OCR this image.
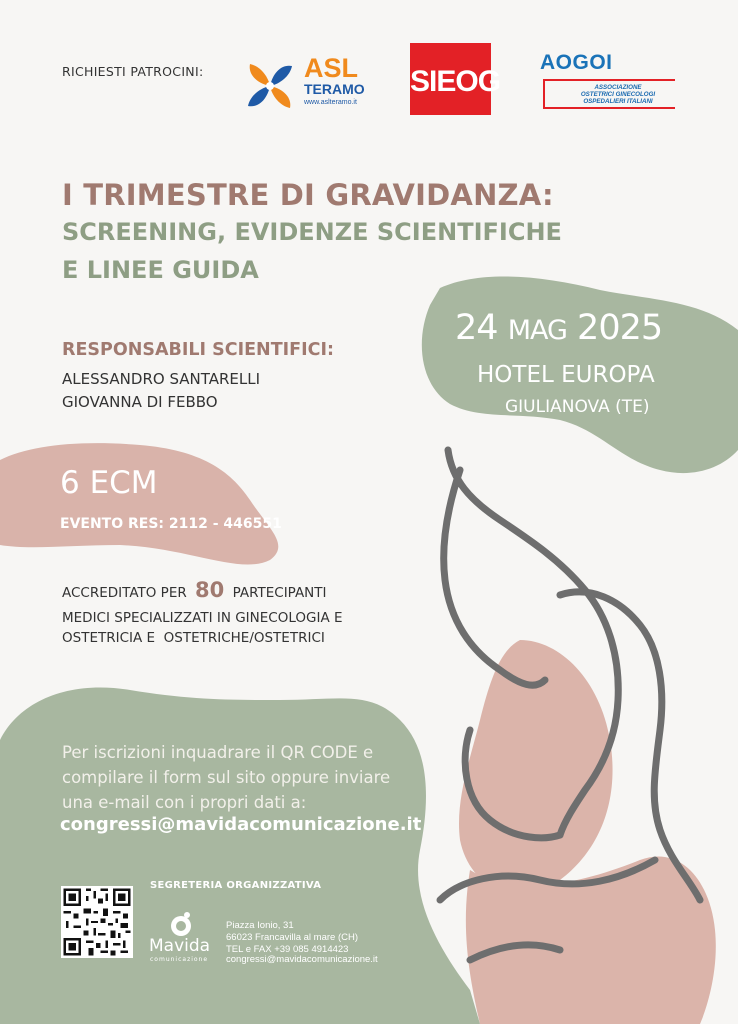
RICHIESTI PATROCINI:	ASL
TERAMO
www.aslteramo.it
SIEOG
AOGOI
ASSOCIAZIONE
OSTETRICI GINECOLOGI
OSPEDALIERI ITALIANI
I TRIMESTRE DI GRAVIDANZA:
SCREENING, EVIDENZE SCIENTIFICHE
E LINEE GUIDA
24 MAG 2025
HOTEL EUROPA
GIULIANOVA (TE)
RESPONSABILI SCIENTIFICI:
ALESSANDRO SANTARELLI
GIOVANNA DI FEBBO
6 ECM
EVENTO RES: 2112 - 446551
ACCREDITATO PER 80 PARTECIPANTI
MEDICI SPECIALIZZATI IN GINECOLOGIA E
OSTETRICIA E  OSTETRICHE/OSTETRICI
Per iscrizioni inquadrare il QR CODE e
compilare il form sul sito oppure inviare
una e-mail con i propri dati a:
congressi@mavidacomunicazione.it
SEGRETERIA ORGANIZZATIVA
Mavida
comunicazione
Piazza Ionio, 31
66023 Francavilla al mare (CH)
TEL e FAX +39 085 4914423
congressi@mavidacomunicazione.it
